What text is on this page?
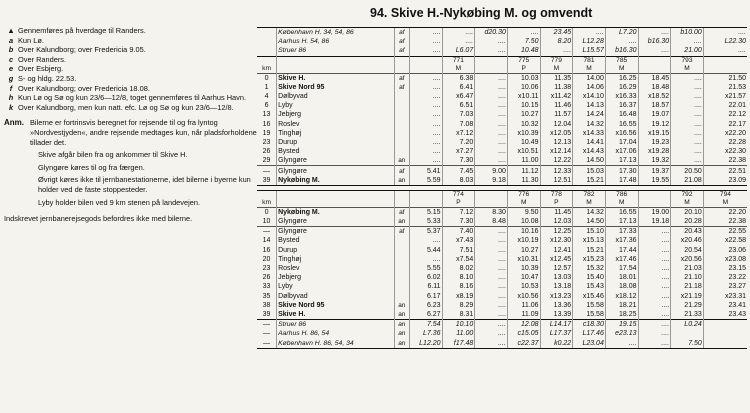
94. Skive H.-Nykøbing M. og omvendt
▲ Gennemføres på hverdage til Randers.
a Kun Lø.
b Over Kalundborg; over Fredericia 9.05.
c Over Randers.
e Over Esbjerg.
g S- og hldg. 22.53.
f Over Kalundborg; over Fredericia 18.08.
h Kun Lø og Sø og kun 23/6—12/8, toget gennemføres til Aarhus Havn.
k Over Kalundborg, men kun natt. efc. Lø og Sø og kun 23/6—12/8.
Anm. Bilerne er fortrinsvis beregnet for rejsende til og fra lyntog »Nordvestjyden«, andre rejsende medtages kun, når pladsforholdene tillader det.

Skive afgår bilen fra og ankommer til Skive H.

Glyngøre køres til og fra færgen.

Øvrigt køres ikke til jernbanestationerne, idet bilerne i byerne kun holder ved de faste stoppesteder.

Lyby holder bilen ved 9 km stenen på landevejen.

Indskrevet jernbanerejsegods befordres ikke med bilerne.
	København H. 34, 54, 86	af	....	....	d20.30	....	23.45	....	L7.20	....	b10.00	....
	Aarhus H. 54, 86	af	....	....	....	7.50	8.20	L12.28	....	b16.30	....	L22.30
	Struer 86	af	....	L6.07	....	10.48	....	L15.57	b16.30	....	21.00	....
				771		775	779	781	785		793	
km				M		P	M	M	M		M	
0	Skive H.	af	....	6.38	....	10.03	11.35	14.00	16.25	18.45	....	21.50
1	Skive Nord 95	af	....	6.41	....	10.06	11.38	14.06	16.29	18.48	....	21.53
4	Dølbyvad		....	x6.47	....	x10.11	x11.42	x14.10	x16.33	x18.52	....	x21.57
6	Lyby		....	6.51	....	10.15	11.46	14.13	16.37	18.57	....	22.01
13	Jebjerg		....	7.03	....	10.27	11.57	14.24	16.48	19.07	....	22.12
16	Roslev		....	7.08	....	10.32	12.04	14.32	16.55	19.12	....	22.17
19	Tinghøj		....	x7.12	....	x10.39	x12.05	x14.33	x16.56	x19.15	....	x22.20
23	Durup		....	7.20	....	10.49	12.13	14.41	17.04	19.23	....	22.28
26	Bysted		....	x7.27	....	x10.51	x12.14	x14.43	x17.06	x19.28	....	x22.30
29	Glyngøre	an	....	7.30	....	11.00	12.22	14.50	17.13	19.32	....	22.38
—	Glyngøre	af	5.41	7.45	9.00	11.12	12.33	15.03	17.30	19.37	20.50	22.51
39	Nykøbing M.	an	5.59	8.03	9.18	11.30	12.51	15.21	17.48	19.55	21.08	23.09
				774		776	778	782	786		792	794
km				P		M	P	M	M		M	M
0	Nykøbing M.	af	5.15	7.12	8.30	9.50	11.45	14.32	16.55	19.00	20.10	22.20
10	Glyngøre	an	5.33	7.30	8.48	10.08	12.03	14.50	17.13	19.18	20.28	22.38
—	Glyngøre	af	5.37	7.40	....	10.16	12.25	15.10	17.33	....	20.43	22.55
14	Bysted		....	x7.43	....	x10.19	x12.30	x15.13	x17.36	....	x20.46	x22.58
16	Durup		5.44	7.51	....	10.27	12.41	15.21	17.44	....	20.54	23.06
20	Tinghøj		....	x7.54	....	x10.31	x12.45	x15.23	x17.46	....	x20.56	x23.08
23	Roslev		5.55	8.02	....	10.39	12.57	15.32	17.54	....	21.03	23.15
26	Jebjerg		6.02	8.10	....	10.47	13.03	15.40	18.01	....	21.10	23.22
33	Lyby		6.11	8.16	....	10.53	13.18	15.43	18.08	....	21.18	23.27
35	Dølbyvad		6.17	x8.19	....	x10.56	x13.23	x15.46	x18.12	....	x21.19	x23.31
38	Skive Nord 95	an	6.23	8.29	....	11.06	13.36	15.58	18.21	....	21.29	23.41
39	Skive H.	an	6.27	8.31	....	11.09	13.39	15.58	18.25	....	21.33	23.43
—	Struer 86	an	7.54	10.10	....	12.08	L14.17	c18.30	19.15	....	L0.24	
—	Aarhus H. 86, 54	an	L7.36	11.00	....	c15.05	L17.37	L17.46	e23.13	....		
—	København H. 86, 54, 34	an	L12.20	f17.48	....	c22.37	k0.22	L23.04	....	....	7.50	
